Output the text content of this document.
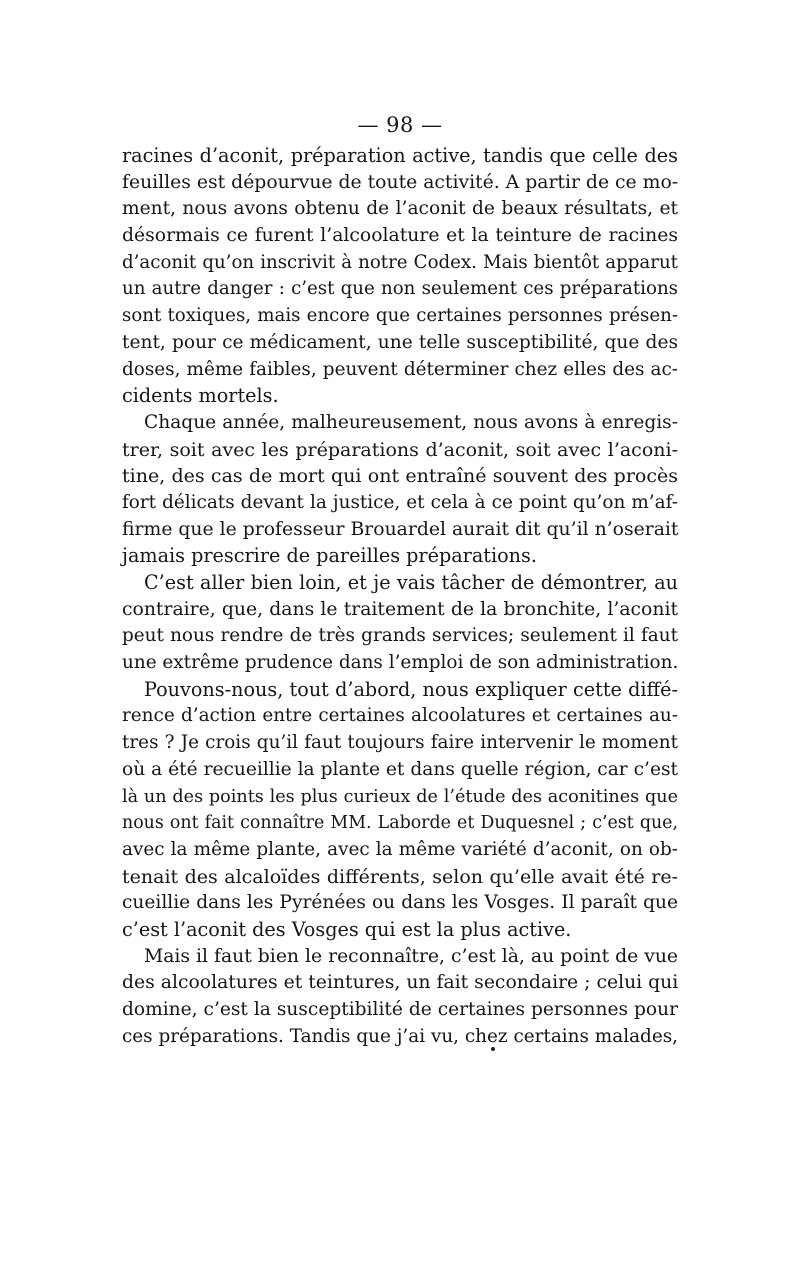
— 98 —
racines d’aconit, préparation active, tandis que celle des
feuilles est dépourvue de toute activité. A partir de ce mo-
ment, nous avons obtenu de l’aconit de beaux résultats, et
désormais ce furent l’alcoolature et la teinture de racines
d’aconit qu’on inscrivit à notre Codex. Mais bientôt apparut
un autre danger : c’est que non seulement ces préparations
sont toxiques, mais encore que certaines personnes présen-
tent, pour ce médicament, une telle susceptibilité, que des
doses, même faibles, peuvent déterminer chez elles des ac-
cidents mortels.
Chaque année, malheureusement, nous avons à enregis-
trer, soit avec les préparations d’aconit, soit avec l’aconi-
tine, des cas de mort qui ont entraîné souvent des procès
fort délicats devant la justice, et cela à ce point qu’on m’af-
firme que le professeur Brouardel aurait dit qu’il n’oserait
jamais prescrire de pareilles préparations.
C’est aller bien loin, et je vais tâcher de démontrer, au
contraire, que, dans le traitement de la bronchite, l’aconit
peut nous rendre de très grands services; seulement il faut
une extrême prudence dans l’emploi de son administration.
Pouvons-nous, tout d’abord, nous expliquer cette diffé-
rence d’action entre certaines alcoolatures et certaines au-
tres ? Je crois qu’il faut toujours faire intervenir le moment
où a été recueillie la plante et dans quelle région, car c’est
là un des points les plus curieux de l’étude des aconitines que
nous ont fait connaître MM. Laborde et Duquesnel ; c’est que,
avec la même plante, avec la même variété d’aconit, on ob-
tenait des alcaloïdes différents, selon qu’elle avait été re-
cueillie dans les Pyrénées ou dans les Vosges. Il paraît que
c’est l’aconit des Vosges qui est la plus active.
Mais il faut bien le reconnaître, c’est là, au point de vue
des alcoolatures et teintures, un fait secondaire ; celui qui
domine, c’est la susceptibilité de certaines personnes pour
ces préparations. Tandis que j’ai vu, chez certains malades,
